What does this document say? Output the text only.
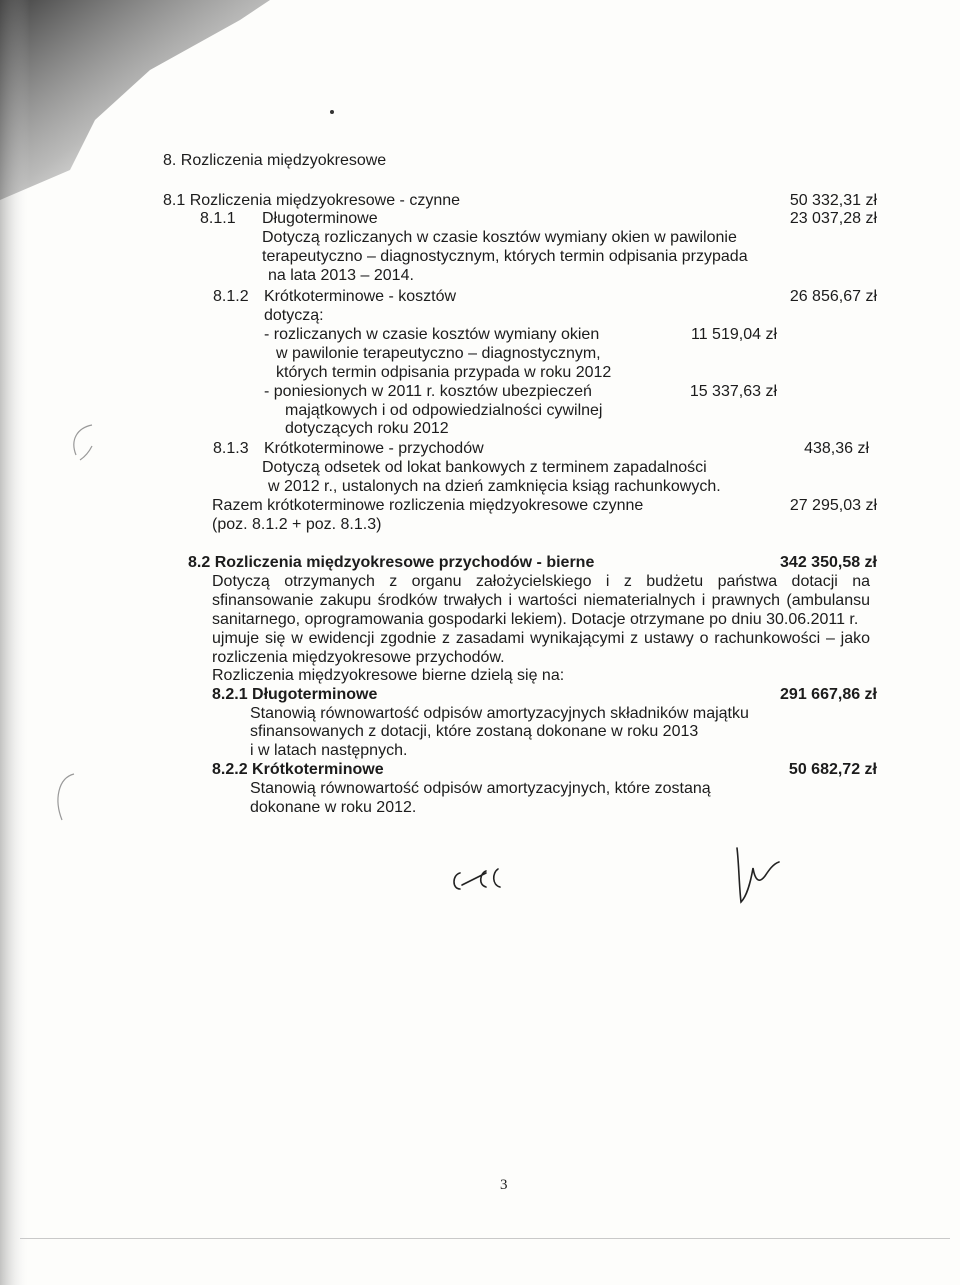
8. Rozliczenia międzyokresowe
8.1 Rozliczenia międzyokresowe - czynne	50 332,31 zł
8.1.1 Długoterminowe	23 037,28 zł
Dotyczą rozliczanych w czasie kosztów wymiany okien w pawilonie
terapeutyczno – diagnostycznym, których termin odpisania przypada
na lata 2013 – 2014.
8.1.2 Krótkoterminowe - kosztów	26 856,67 zł
dotyczą:
- rozliczanych w czasie kosztów wymiany okien	11 519,04 zł
w pawilonie terapeutyczno – diagnostycznym,
których termin odpisania przypada w roku 2012
- poniesionych w 2011 r. kosztów ubezpieczeń	15 337,63 zł
majątkowych i od odpowiedzialności cywilnej
dotyczących roku 2012
8.1.3 Krótkoterminowe - przychodów	438,36 zł
Dotyczą odsetek od lokat bankowych z terminem zapadalności
w 2012 r., ustalonych na dzień zamknięcia ksiąg rachunkowych.
Razem krótkoterminowe rozliczenia międzyokresowe czynne	27 295,03 zł
(poz. 8.1.2 + poz. 8.1.3)
8.2 Rozliczenia międzyokresowe przychodów - bierne	342 350,58 zł
Dotyczą otrzymanych z organu założycielskiego i z budżetu państwa dotacji na
sfinansowanie zakupu środków trwałych i wartości niematerialnych i prawnych (ambulansu
sanitarnego, oprogramowania gospodarki lekiem). Dotacje otrzymane po dniu 30.06.2011 r.
ujmuje się w ewidencji zgodnie z zasadami wynikającymi z ustawy o rachunkowości – jako
rozliczenia międzyokresowe przychodów.
Rozliczenia międzyokresowe bierne dzielą się na:
8.2.1 Długoterminowe	291 667,86 zł
Stanowią równowartość odpisów amortyzacyjnych składników majątku
sfinansowanych z dotacji, które zostaną dokonane w roku 2013
i w latach następnych.
8.2.2 Krótkoterminowe	50 682,72 zł
Stanowią równowartość odpisów amortyzacyjnych, które zostaną
dokonane w roku 2012.
3
